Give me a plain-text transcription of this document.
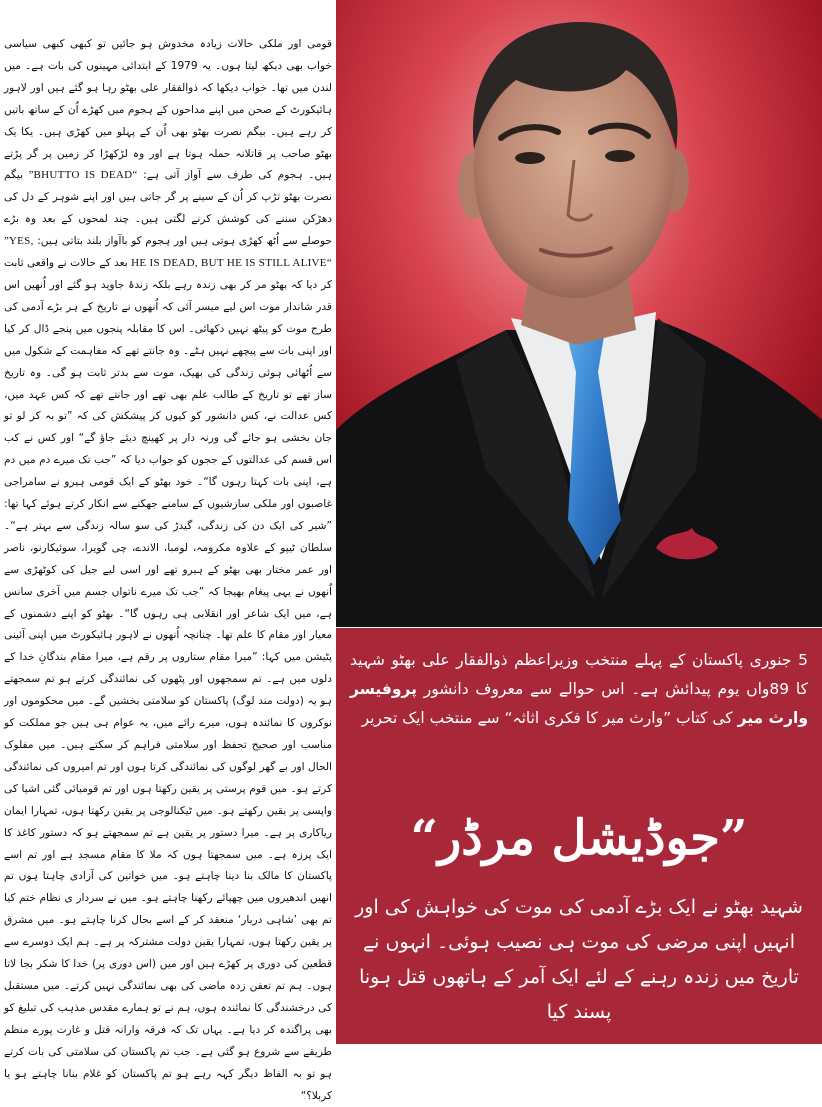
قومی اور ملکی حالات زیادہ مخدوش ہو جائیں تو کبھی کبھی سیاسی خواب بھی دیکھ لیتا ہوں۔ یہ 1979 کے ابتدائی مہینوں کی بات ہے۔ میں لندن میں تھا۔ خواب دیکھا کہ ذوالفقار علی بھٹو رہا ہو گئے ہیں اور لاہور ہائیکورٹ کے صحن میں اپنے مداحوں کے ہجوم میں کھڑے اُن کے ساتھ باتیں کر رہے ہیں۔ بیگم نصرت بھٹو بھی اُن کے پہلو میں کھڑی ہیں۔ یکا یک بھٹو صاحب پر قاتلانہ حملہ ہوتا ہے اور وہ لڑکھڑا کر زمین پر گر پڑتے ہیں۔ ہجوم کی طرف سے آواز آتی ہے: ”BHUTTO IS DEAD“ بیگم نصرت بھٹو تڑپ کر اُن کے سینے پر گر جاتی ہیں اور اپنے شوہر کے دل کی دھڑکن سننے کی کوشش کرنے لگتی ہیں۔ چند لمحوں کے بعد وہ بڑے حوصلے سے اُٹھ کھڑی ہوتی ہیں اور ہجوم کو باآواز بلند بتاتی ہیں: ”YES, HE IS DEAD, BUT HE IS STILL ALIVE“ بعد کے حالات نے واقعی ثابت کر دیا کہ بھٹو مر کر بھی زندہ رہے بلکہ زندۂ جاوید ہو گئے اور اُنھیں اس قدر شاندار موت اس لیے میسر آئی کہ اُنھوں نے تاریخ کے ہر بڑے آدمی کی طرح موت کو پیٹھ نہیں دکھائی۔ اس کا مقابلہ پنجوں میں پنجے ڈال کر کیا اور اپنی بات سے پیچھے نہیں ہٹے۔ وہ جانتے تھے کہ مفاہمت کے شکول میں سے اُٹھائی ہوئی زندگی کی بھیک، موت سے بدتر ثابت ہو گی۔ وہ تاریخ ساز تھے تو تاریخ کے طالب علم بھی تھے اور جانتے تھے کہ کس عہد میں، کس عدالت نے، کس دانشور کو کیوں کر پیشکش کی کہ ”تو بہ کر لو تو جان بخشی ہو جائے گی ورنہ دار پر کھینچ دیئے جاؤ گے“ اور کس نے کب اس قسم کی عدالتوں کے ججوں کو جواب دیا کہ ”جب تک میرے دم میں دم ہے، اپنی بات کہتا رہوں گا“۔ خود بھٹو کے ایک قومی ہیرو نے سامراجی غاصبوں اور ملکی سازشیوں کے سامنے جھکنے سے انکار کرتے ہوئے کہا تھا: ”شیر کی ایک دن کی زندگی، گیدڑ کی سو سالہ زندگی سے بہتر ہے“۔ سلطان ٹیپو کے علاوہ مکرومہ، لومبا، الاندے، چی گویرا، سوئیکارنو، ناصر اور عمر مختار بھی بھٹو کے ہیرو تھے اور اسی لیے جیل کی کوٹھڑی سے اُنھوں نے یہی پیغام بھیجا کہ ”جب تک میرے ناتواں جسم میں آخری سانس ہے، میں ایک شاعر اور انقلابی ہی رہوں گا“۔ بھٹو کو اپنے دشمنوں کے معیار اور مقام کا علم تھا۔ چنانچہ اُنھوں نے لاہور ہائیکورٹ میں اپنی آئینی پٹیشن میں کہا: ”میرا مقام ستاروں پر رقم ہے، میرا مقام بندگانِ خدا کے دلوں میں ہے۔ تم سمجھوں اور پٹھوں کی نمائندگی کرتے ہو تم سمجھتے ہو یہ (دولت مند لوگ) پاکستان کو سلامتی بخشیں گے۔ میں محکوموں اور نوکروں کا نمائندہ ہوں، میرے رائے میں، یہ عوام ہی ہیں جو مملکت کو مناسب اور صحیح تحفظ اور سلامتی فراہم کر سکتے ہیں۔ میں مفلوک الحال اور بے گھر لوگوں کی نمائندگی کرتا ہوں اور تم امیروں کی نمائندگی کرتے ہو۔ میں قوم پرستی پر یقین رکھتا ہوں اور تم قومیائی گئی اشیا کی واپسی پر یقین رکھتے ہو۔ میں ٹیکنالوجی پر یقین رکھتا ہوں، تمہارا ایمان ریاکاری پر ہے۔ میرا دستور پر یقین ہے تم سمجھتے ہو کہ دستور کاغذ کا ایک پرزہ ہے۔ میں سمجھتا ہوں کہ ملا کا مقام مسجد ہے اور تم اسے پاکستان کا مالک بنا دینا چاہتے ہو۔ میں خواتین کی آزادی چاہتا ہوں تم انھیں اندھیروں میں چھپائے رکھنا چاہتے ہو۔ میں نے سردار ی نظام ختم کیا تم بھی ’شاہی دربار‘ منعقد کر کے اسے بحال کرنا چاہتے ہو۔ میں مشرق پر یقین رکھتا ہوں، تمہارا یقین دولت مشترکہ پر ہے۔ ہم ایک دوسرے سے قطعین کی دوری پر کھڑے ہیں اور میں (اس دوری پر) خدا کا شکر بجا لاتا ہوں۔ ہم تم تعفن زدہ ماضی کی بھی نمائندگی نہیں کرتے۔ میں مستقبل کی درخشندگی کا نمائندہ ہوں، ہم نے تو ہمارے مقدس مذہب کی تبلیغ کو بھی پراگندہ کر دیا ہے۔ یہاں تک کہ فرقہ وارانہ قتل و غارت پورے منظم طریقے سے شروع ہو گئی ہے۔ جب تم پاکستان کی سلامتی کی بات کرتے ہو تو بہ الفاظ دیگر کہہ رہے ہو تم پاکستان کو غلام بنانا چاہتے ہو یا کربلا؟“

5 جنوری پاکستان کے پہلے منتخب وزیراعظم ذوالفقار علی بھٹو شہید کا 89واں یوم پیدائش ہے۔ اس حوالے سے معروف دانشور پروفیسر وارث میر کی کتاب ”وارث میر کا فکری اثاثہ“ سے منتخب ایک تحریر
”جوڈیشل مرڈر“
شہید بھٹو نے ایک بڑے آدمی کی موت کی خواہش کی اور انہیں اپنی مرضی کی موت ہی نصیب ہوئی۔ انہوں نے تاریخ میں زندہ رہنے کے لئے ایک آمر کے ہاتھوں قتل ہونا پسند کیا
